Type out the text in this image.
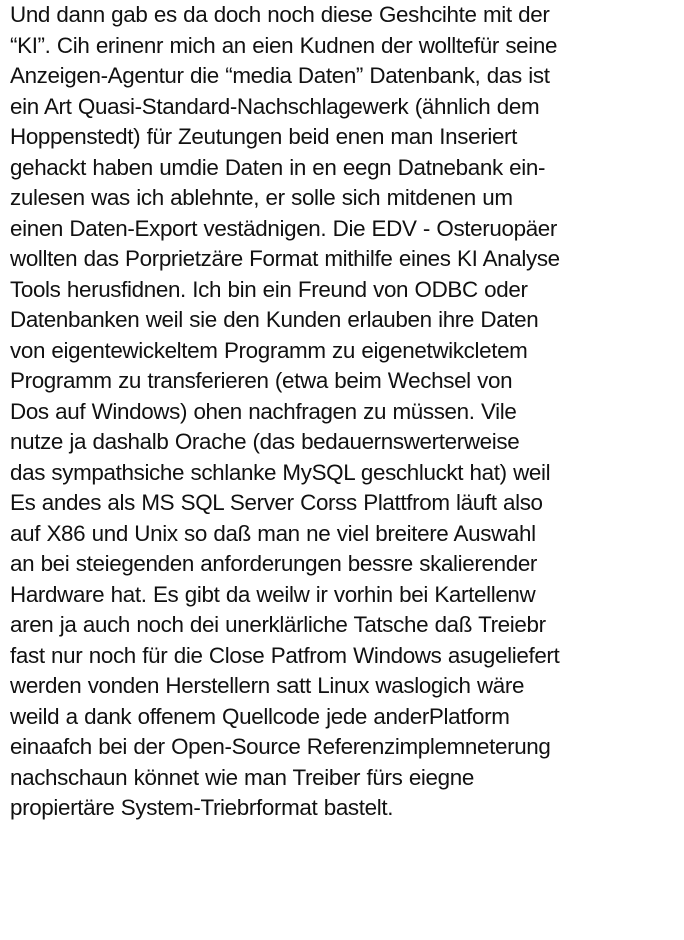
Und dann gab es da doch noch diese Geshcihte mit der
“KI”. Cih erinenr mich an eien Kudnen der wolltefür seine
Anzeigen-Agentur die “media Daten” Datenbank, das ist
ein Art Quasi-Standard-Nachschlagewerk (ähnlich dem
Hoppenstedt) für Zeutungen beid enen man Inseriert
gehackt haben umdie Daten in en eegn Datnebank ein-
zulesen was ich ablehnte, er solle sich mitdenen um
einen Daten-Export vestädnigen. Die EDV - Osteruopäer
wollten das Porprietzäre Format mithilfe eines KI Analyse
Tools herusfidnen. Ich bin ein Freund von ODBC oder
Datenbanken weil sie den Kunden erlauben ihre Daten
von eigentewickeltem Programm zu eigenetwikcletem
Programm zu transferieren (etwa beim Wechsel von
Dos auf Windows) ohen nachfragen zu müssen. Vile
nutze ja dashalb Orache (das bedauernswerterweise
das sympathsiche schlanke MySQL geschluckt hat) weil
Es andes als MS SQL Server Corss Plattfrom läuft also
auf X86 und Unix so daß man ne viel breitere Auswahl
an bei steiegenden anforderungen bessre skalierender
Hardware hat. Es gibt da weilw ir vorhin bei Kartellenw
aren ja auch noch dei unerklärliche Tatsche daß Treiebr
fast nur noch für die Close Patfrom Windows asugeliefert
werden vonden Herstellern satt Linux waslogich wäre
weild a dank offenem Quellcode jede anderPlatform
einaafch bei der Open-Source Referenzimplemneterung
nachschaun könnet wie man Treiber fürs eiegne
propiertäre System-Triebrformat bastelt.
